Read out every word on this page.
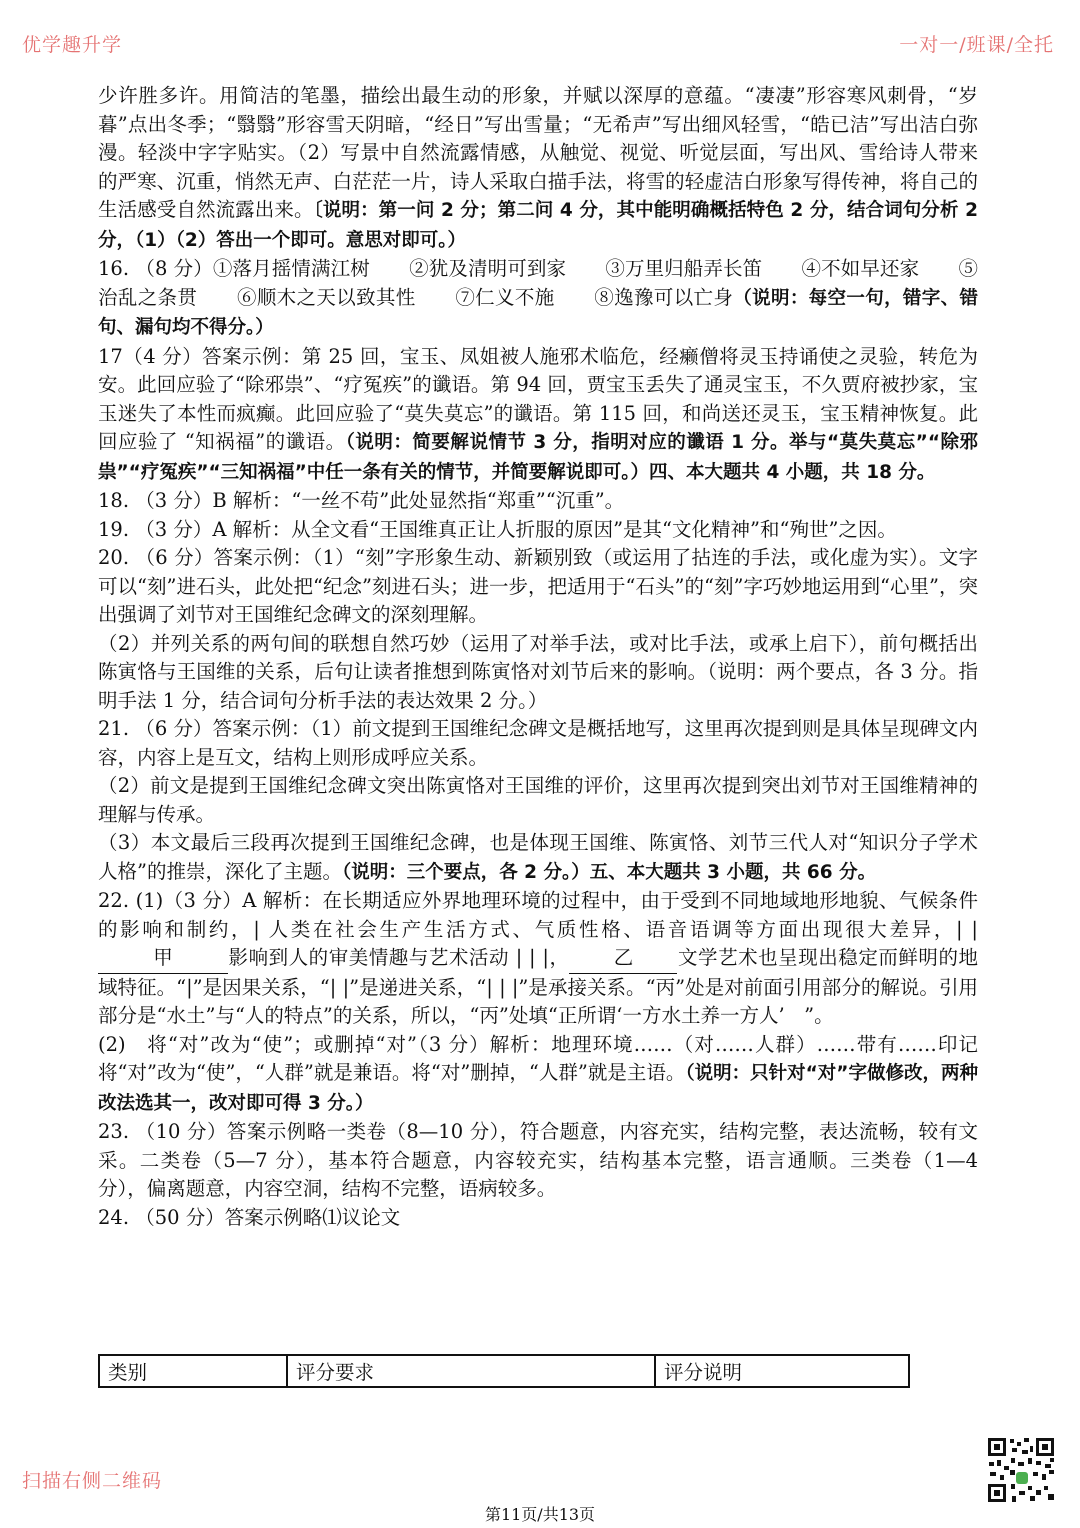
优学趣升学	一对一/班课/全托

少许胜多许。用简洁的笔墨，描绘出最生动的形象，并赋以深厚的意蕴。“凄凄”形容寒风刺骨，“岁暮”点出冬季；“翳翳”形容雪天阴暗，“经日”写出雪量；“无希声”写出细风轻雪，“皓已洁”写出洁白弥漫。轻淡中字字贴实。（2）写景中自然流露情感，从触觉、视觉、听觉层面，写出风、雪给诗人带来的严寒、沉重，悄然无声、白茫茫一片，诗人采取白描手法，将雪的轻虚洁白形象写得传神，将自己的生活感受自然流露出来。〔说明：第一问 2 分；第二问 4 分，其中能明确概括特色 2 分，结合词句分析 2 分，（1）（2）答出一个即可。意思对即可。）

16. （8 分）①落月摇情满江树　　②犹及清明可到家　　③万里归船弄长笛　　④不如早还家　　⑤治乱之条贯　　⑥顺木之天以致其性　　⑦仁义不施　　⑧逸豫可以亡身（说明：每空一句，错字、错句、漏句均不得分。）

17（4 分）答案示例：第 25 回，宝玉、凤姐被人施邪术临危，经癞僧将灵玉持诵使之灵验，转危为安。此回应验了“除邪祟”、“疗冤疾”的谶语。第 94 回，贾宝玉丢失了通灵宝玉，不久贾府被抄家，宝玉迷失了本性而疯癫。此回应验了“莫失莫忘”的谶语。第 115 回，和尚送还灵玉，宝玉精神恢复。此回应验了 “知祸福”的谶语。（说明：简要解说情节 3 分，指明对应的谶语 1 分。举与“莫失莫忘”“除邪祟”“疗冤疾”“三知祸福”中任一条有关的情节，并简要解说即可。）四、本大题共 4 小题，共 18 分。

18. （3 分）B 解析：“一丝不苟”此处显然指“郑重”“沉重”。

19. （3 分）A 解析：从全文看“王国维真正让人折服的原因”是其“文化精神”和“殉世”之因。

20. （6 分）答案示例：（1）“刻”字形象生动、新颖别致（或运用了拈连的手法，或化虚为实）。文字可以“刻”进石头，此处把“纪念”刻进石头；进一步，把适用于“石头”的“刻”字巧妙地运用到“心里”，突出强调了刘节对王国维纪念碑文的深刻理解。

（2）并列关系的两句间的联想自然巧妙（运用了对举手法，或对比手法，或承上启下），前句概括出陈寅恪与王国维的关系，后句让读者推想到陈寅恪对刘节后来的影响。（说明：两个要点，各 3 分。指明手法 1 分，结合词句分析手法的表达效果 2 分。）

21. （6 分）答案示例：（1）前文提到王国维纪念碑文是概括地写，这里再次提到则是具体呈现碑文内容，内容上是互文，结构上则形成呼应关系。

（2）前文是提到王国维纪念碑文突出陈寅恪对王国维的评价，这里再次提到突出刘节对王国维精神的理解与传承。

（3）本文最后三段再次提到王国维纪念碑，也是体现王国维、陈寅恪、刘节三代人对“知识分子学术人格”的推崇，深化了主题。（说明：三个要点，各 2 分。）五、本大题共 3 小题，共 66 分。

22. (1)（3 分）A 解析：在长期适应外界地理环境的过程中，由于受到不同地域地形地貌、气候条件的影响和制约，| 人类在社会生产生活方式、气质性格、语音语调等方面出现很大差异，| | 甲	影响到人的审美情趣与艺术活动 | | |， 乙 文学艺术也呈现出稳定而鲜明的地域特征。“|”是因果关系，“| |”是递进关系，“| | |”是承接关系。“丙”处是对前面引用部分的解说。引用部分是“水土”与“人的特点”的关系，所以，“丙”处填“正所谓‘一方水土养一方人’　”。

(2)　将“对”改为“使”；或删掉“对”（3 分）解析：地理环境……（对……人群）……带有……印记将“对”改为“使”，“人群”就是兼语。将“对”删掉，“人群”就是主语。（说明：只针对“对”字做修改，两种改法选其一，改对即可得 3 分。）

23. （10 分）答案示例略一类卷（8—10 分），符合题意，内容充实，结构完整，表达流畅，较有文采。二类卷（5—7 分），基本符合题意，内容较充实，结构基本完整，语言通顺。三类卷（1—4 分），偏离题意，内容空洞，结构不完整，语病较多。

24. （50 分）答案示例略⑴议论文

类别	评分要求	评分说明
扫描右侧二维码
第11页/共13页
